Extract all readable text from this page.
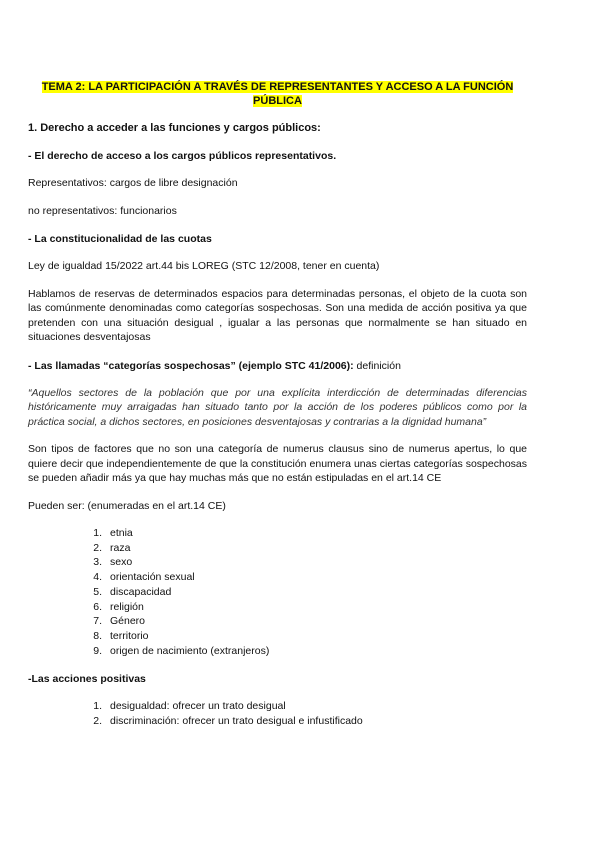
TEMA 2: LA PARTICIPACIÓN A TRAVÉS DE REPRESENTANTES Y ACCESO A LA FUNCIÓN
PÚBLICA
1. Derecho a acceder a las funciones y cargos públicos:
- El derecho de acceso a los cargos públicos representativos.

Representativos: cargos de libre designación

no representativos: funcionarios

- La constitucionalidad de las cuotas

Ley de igualdad 15/2022 art.44 bis LOREG (STC 12/2008, tener en cuenta)

Hablamos de reservas de determinados espacios para determinadas personas, el objeto de la cuota son las comúnmente denominadas como categorías sospechosas. Son una medida de acción positiva ya que pretenden con una situación desigual , igualar a las personas que normalmente se han situado en situaciones desventajosas

- Las llamadas “categorías sospechosas” (ejemplo STC 41/2006): definición

“Aquellos sectores de la población que por una explícita interdicción de determinadas diferencias históricamente muy arraigadas han situado tanto por la acción de los poderes públicos como por la práctica social, a dichos sectores, en posiciones desventajosas y contrarias a la dignidad humana”

Son tipos de factores que no son una categoría de numerus clausus sino de numerus apertus, lo que quiere decir que independientemente de que la constitución enumera unas ciertas categorías sospechosas se pueden añadir más ya que hay muchas más que no están estipuladas en el art.14 CE

Pueden ser: (enumeradas en el art.14 CE)

1. etnia
2. raza
3. sexo
4. orientación sexual
5. discapacidad
6. religión
7. Género
8. territorio
9. origen de nacimiento (extranjeros)
-Las acciones positivas
1. desigualdad: ofrecer un trato desigual
2. discriminación: ofrecer un trato desigual e infustificado
